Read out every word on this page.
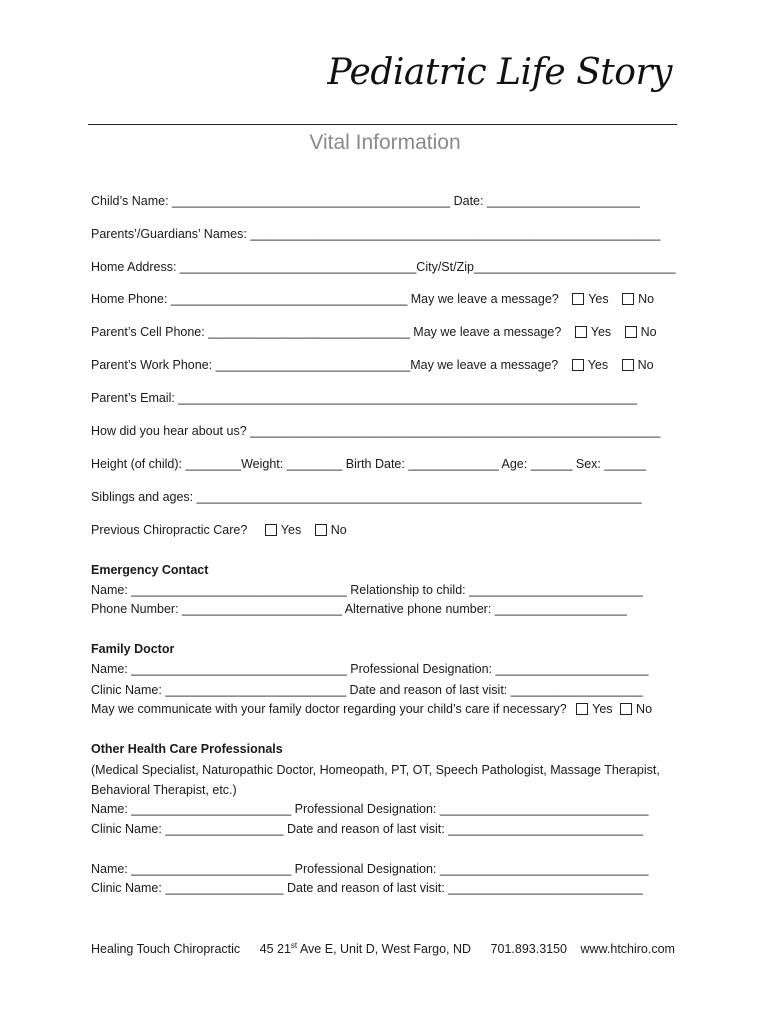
Pediatric Life Story
Vital Information
Child’s Name: ________________________________________ Date: ______________________
Parents’/Guardians’ Names: ___________________________________________________________
Home Address: __________________________________City/St/Zip_____________________________
Home Phone: __________________________________ May we leave a message? Yes No
Parent’s Cell Phone: _____________________________ May we leave a message? Yes No
Parent’s Work Phone: ____________________________May we leave a message? Yes No
Parent’s Email: __________________________________________________________________
How did you hear about us? ___________________________________________________________
Height (of child): ________Weight: ________ Birth Date: _____________ Age: ______ Sex: ______
Siblings and ages: ________________________________________________________________
Previous Chiropractic Care?	Yes No
Emergency Contact
Name: _______________________________ Relationship to child: _________________________
Phone Number: _______________________ Alternative phone number: ___________________
Family Doctor
Name: _______________________________ Professional Designation: ______________________
Clinic Name: __________________________ Date and reason of last visit: ___________________
May we communicate with your family doctor regarding your child’s care if necessary? Yes No
Other Health Care Professionals
(Medical Specialist, Naturopathic Doctor, Homeopath, PT, OT, Speech Pathologist, Massage Therapist,
Behavioral Therapist, etc.)
Name: _______________________ Professional Designation: ______________________________
Clinic Name: _________________ Date and reason of last visit: ____________________________
Name: _______________________ Professional Designation: ______________________________
Clinic Name: _________________ Date and reason of last visit: ____________________________
Healing Touch Chiropractic 45 21st Ave E, Unit D, West Fargo, ND 701.893.3150 www.htchiro.com
